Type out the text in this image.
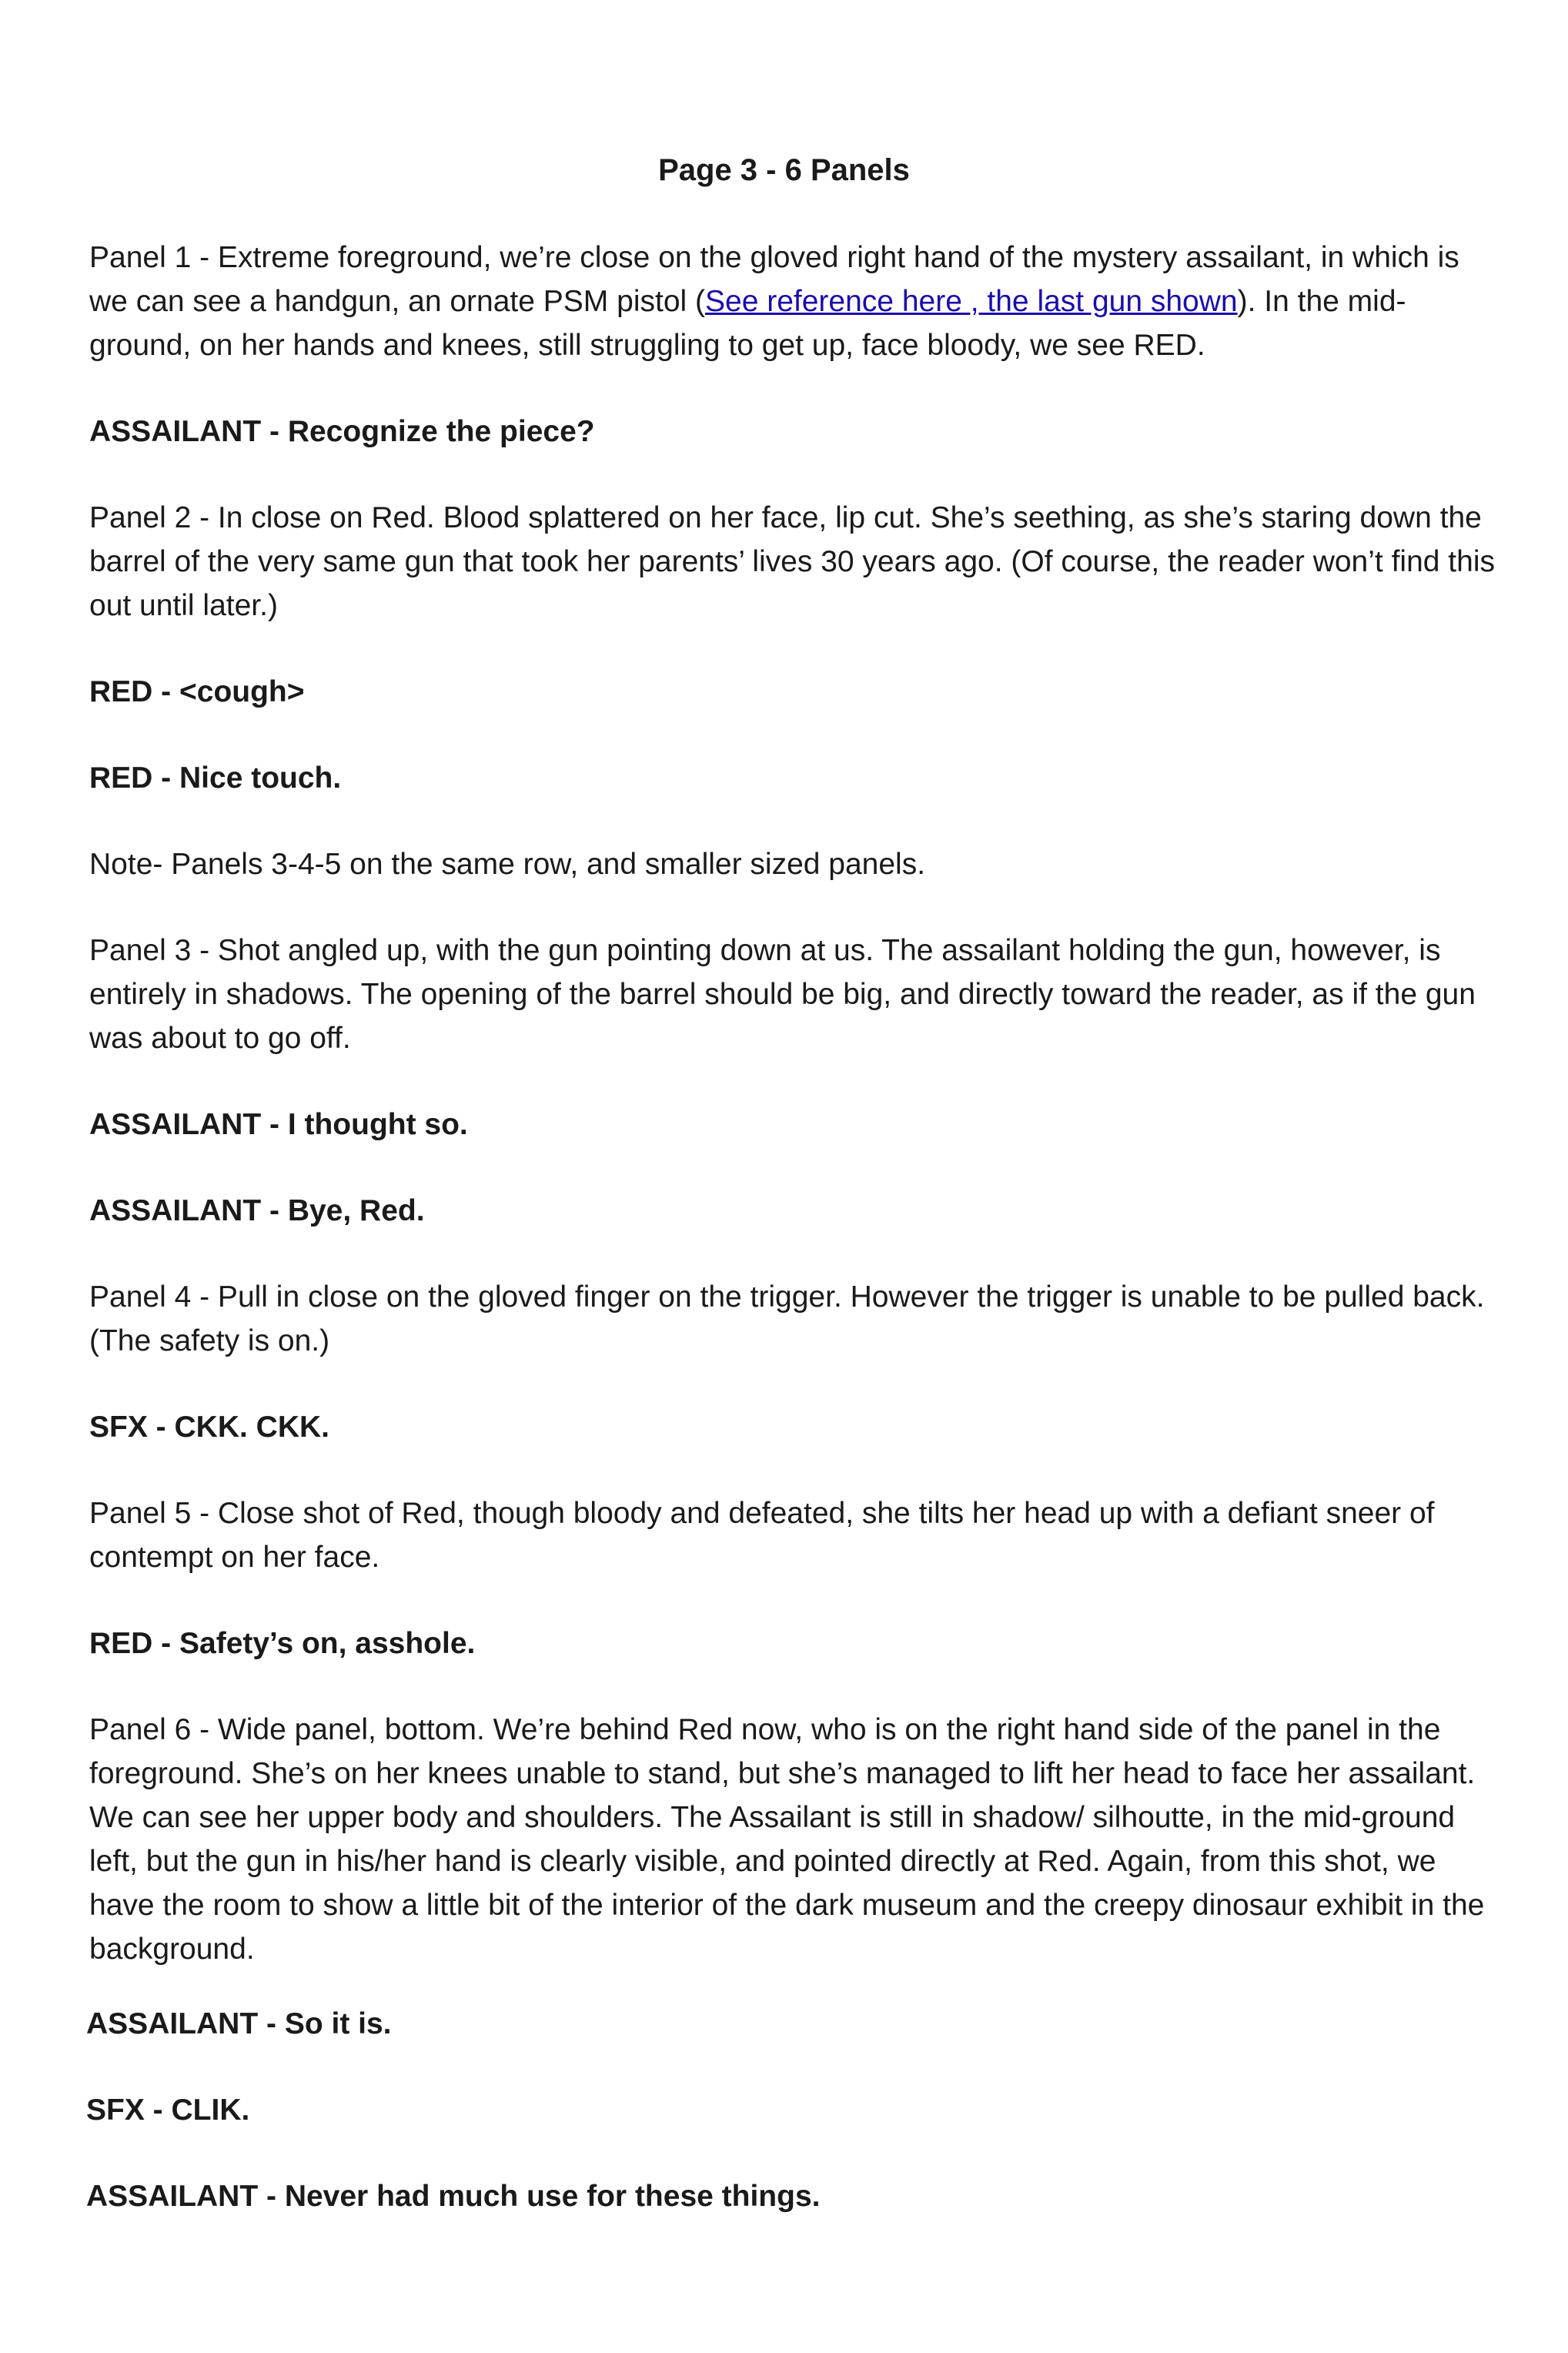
Page 3 - 6 Panels

Panel 1 - Extreme foreground, we’re close on the gloved right hand of the mystery assailant, in which is we can see a handgun, an ornate PSM pistol (See reference here , the last gun shown). In the mid-ground, on her hands and knees, still struggling to get up, face bloody, we see RED.

ASSAILANT - Recognize the piece?

Panel 2 - In close on Red. Blood splattered on her face, lip cut. She’s seething, as she’s staring down the barrel of the very same gun that took her parents’ lives 30 years ago. (Of course, the reader won’t find this out until later.)

RED - <cough>

RED - Nice touch.

Note- Panels 3-4-5 on the same row, and smaller sized panels.

Panel 3 - Shot angled up, with the gun pointing down at us. The assailant holding the gun, however, is entirely in shadows. The opening of the barrel should be big, and directly toward the reader, as if the gun was about to go off.

ASSAILANT - I thought so.

ASSAILANT - Bye, Red.

Panel 4 - Pull in close on the gloved finger on the trigger. However the trigger is unable to be pulled back. (The safety is on.)

SFX - CKK. CKK.

Panel 5 - Close shot of Red, though bloody and defeated, she tilts her head up with a defiant sneer of contempt on her face.

RED - Safety’s on, asshole.

Panel 6 - Wide panel, bottom. We’re behind Red now, who is on the right hand side of the panel in the foreground. She’s on her knees unable to stand, but she’s managed to lift her head to face her assailant. We can see her upper body and shoulders. The Assailant is still in shadow/ silhoutte, in the mid-ground left, but the gun in his/her hand is clearly visible, and pointed directly at Red. Again, from this shot, we have the room to show a little bit of the interior of the dark museum and the creepy dinosaur exhibit in the background.

ASSAILANT - So it is.

SFX - CLIK.

ASSAILANT - Never had much use for these things.
